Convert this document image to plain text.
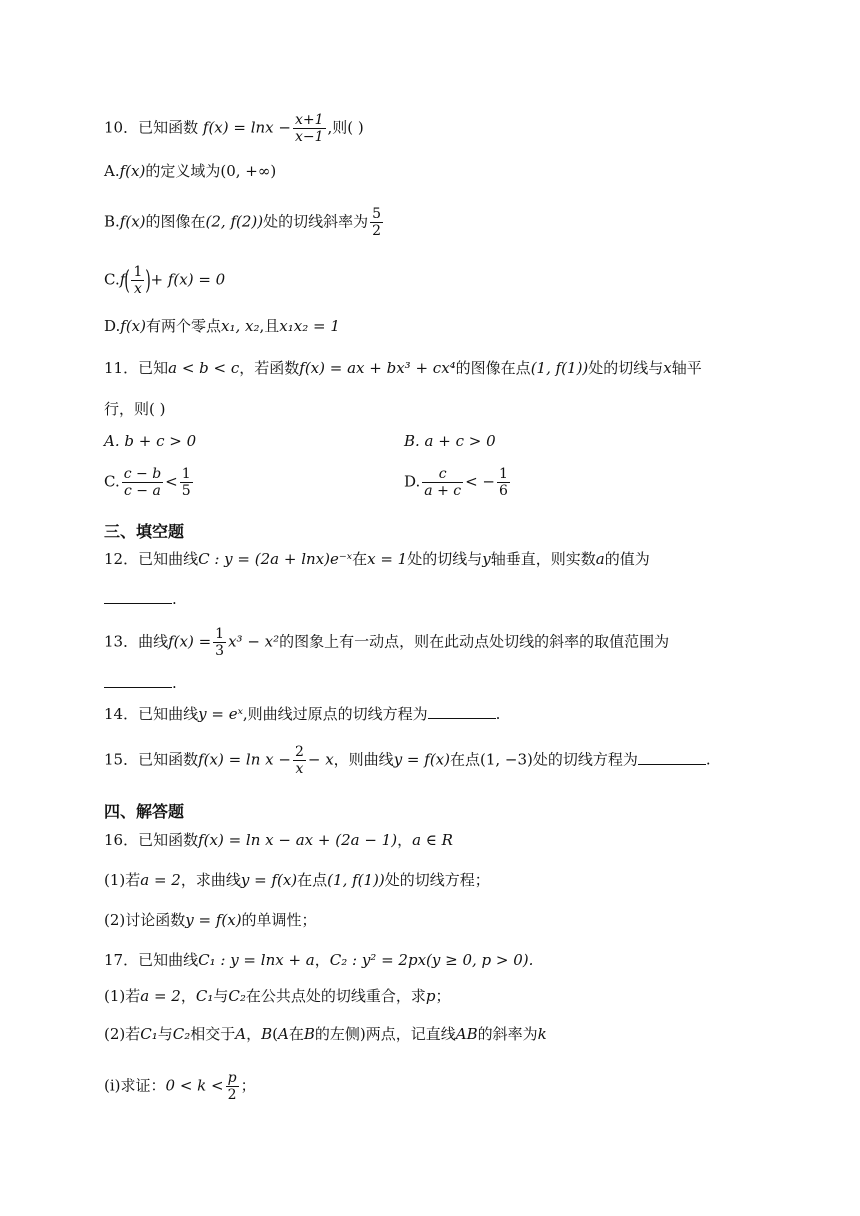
10．已知函数 $f(x) = \ln x - \frac{x+1}{x-1}$ ,则( )
A.f(x)的定义域为(0, +∞)
B.f(x)的图像在(2, f(2))处的切线斜率为 $\frac{5}{2}$
$C.f( \frac{1}{x}$ )+ f(x) = 0
D.f(x)有两个零点x₁, x₂,且x₁x₂ = 1
11．已知a < b < c，若函数f(x) = ax + bx³ + cx⁴的图像在点(1, f(1))处的切线与x轴平
行，则( )
A. b + c > 0	B. a + c > 0
C. $\frac{c - b}{c - a} < \frac{1}{5}$	D. $\frac{c}{a + c}$ < − $\frac{1}{6}$
三、填空题
12．已知曲线C : y = (2a + lnx)e⁻ˣ在x = 1处的切线与y轴垂直，则实数a的值为
.
13．曲线$f(x) = \frac{1}{3} x^3 - x^2$的图象上有一动点，则在此动点处切线的斜率的取值范围为
.
14．已知曲线y = eˣ,则曲线过原点的切线方程为	.
15．已知函数$f(x) = \ln x - \frac{2}{x} - x$，则曲线y = f(x)在点(1, −3)处的切线方程为	.
四、解答题
16．已知函数f(x) = ln x − ax + (2a − 1)，a ∈ R
(1)若a = 2，求曲线y = f(x)在点(1, f(1))处的切线方程；
(2)讨论函数y = f(x)的单调性；
17．已知曲线C₁ : y = lnx + a，C₂ : y² = 2px(y ≥ 0, p > 0).
(1)若a = 2，C₁与C₂在公共点处的切线重合，求p；
(2)若C₁与C₂相交于A，B(A在B的左侧)两点，记直线AB的斜率为k
(i)求证：$0 < k < \frac{p}{2}$ ；
